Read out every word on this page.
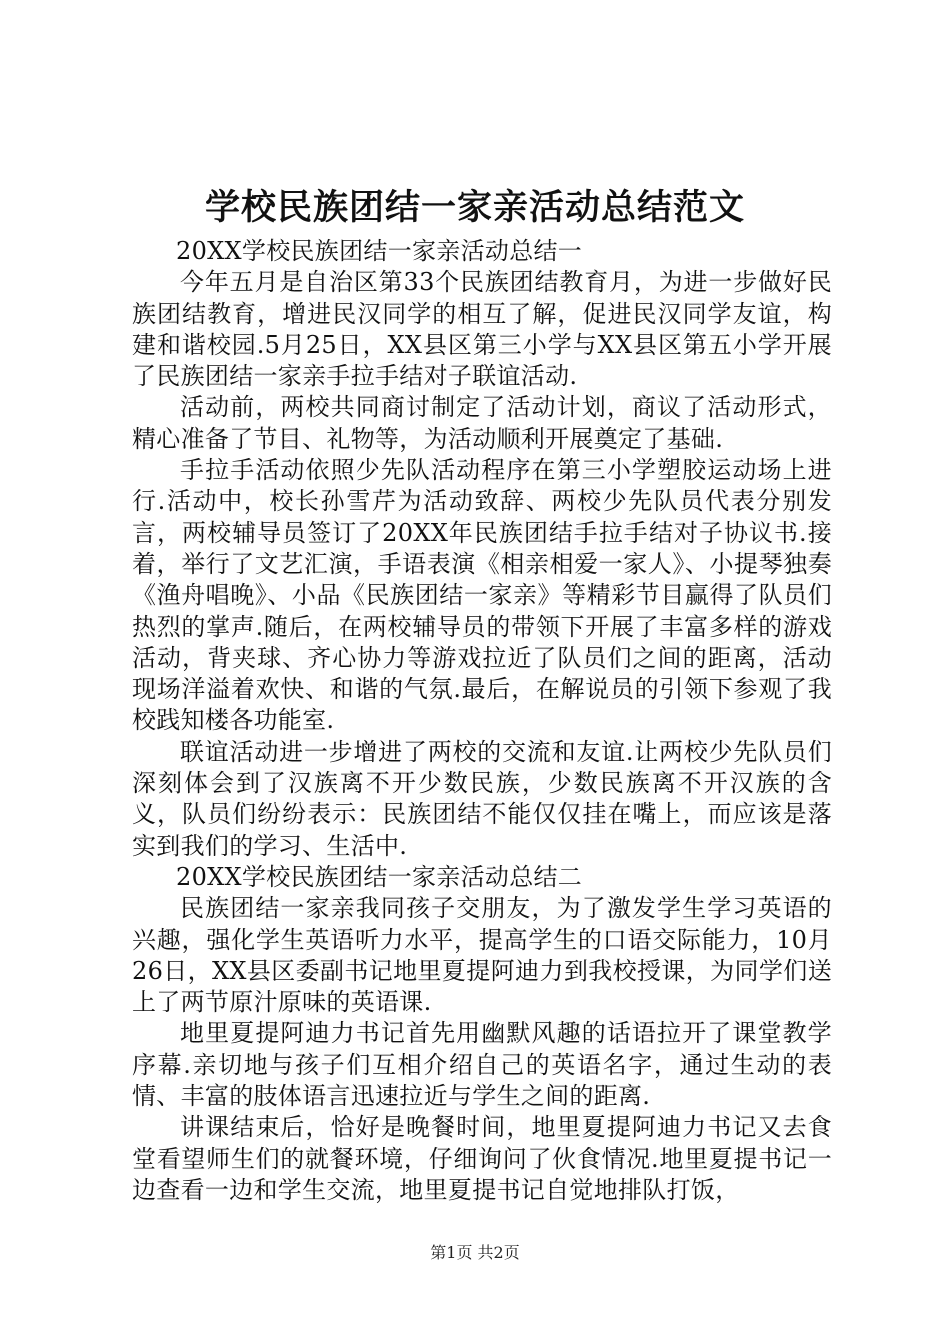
学校民族团结一家亲活动总结范文

20XX学校民族团结一家亲活动总结一

今年五月是自治区第33个民族团结教育月，为进一步做好民族团结教育，增进民汉同学的相互了解，促进民汉同学友谊，构建和谐校园.5月25日，XX县区第三小学与XX县区第五小学开展了民族团结一家亲手拉手结对子联谊活动.

活动前，两校共同商讨制定了活动计划，商议了活动形式，精心准备了节目、礼物等，为活动顺利开展奠定了基础.

手拉手活动依照少先队活动程序在第三小学塑胶运动场上进行.活动中，校长孙雪芹为活动致辞、两校少先队员代表分别发言，两校辅导员签订了20XX年民族团结手拉手结对子协议书.接着，举行了文艺汇演，手语表演《相亲相爱一家人》、小提琴独奏《渔舟唱晚》、小品《民族团结一家亲》等精彩节目赢得了队员们热烈的掌声.随后，在两校辅导员的带领下开展了丰富多样的游戏活动，背夹球、齐心协力等游戏拉近了队员们之间的距离，活动现场洋溢着欢快、和谐的气氛.最后，在解说员的引领下参观了我校践知楼各功能室.

联谊活动进一步增进了两校的交流和友谊.让两校少先队员们深刻体会到了汉族离不开少数民族，少数民族离不开汉族的含义，队员们纷纷表示：民族团结不能仅仅挂在嘴上，而应该是落实到我们的学习、生活中.

20XX学校民族团结一家亲活动总结二

民族团结一家亲我同孩子交朋友，为了激发学生学习英语的兴趣，强化学生英语听力水平，提高学生的口语交际能力，10月26日，XX县区委副书记地里夏提阿迪力到我校授课，为同学们送上了两节原汁原味的英语课.

地里夏提阿迪力书记首先用幽默风趣的话语拉开了课堂教学序幕.亲切地与孩子们互相介绍自己的英语名字，通过生动的表情、丰富的肢体语言迅速拉近与学生之间的距离.

讲课结束后，恰好是晚餐时间，地里夏提阿迪力书记又去食堂看望师生们的就餐环境，仔细询问了伙食情况.地里夏提书记一边查看一边和学生交流，地里夏提书记自觉地排队打饭，

第1页 共2页
